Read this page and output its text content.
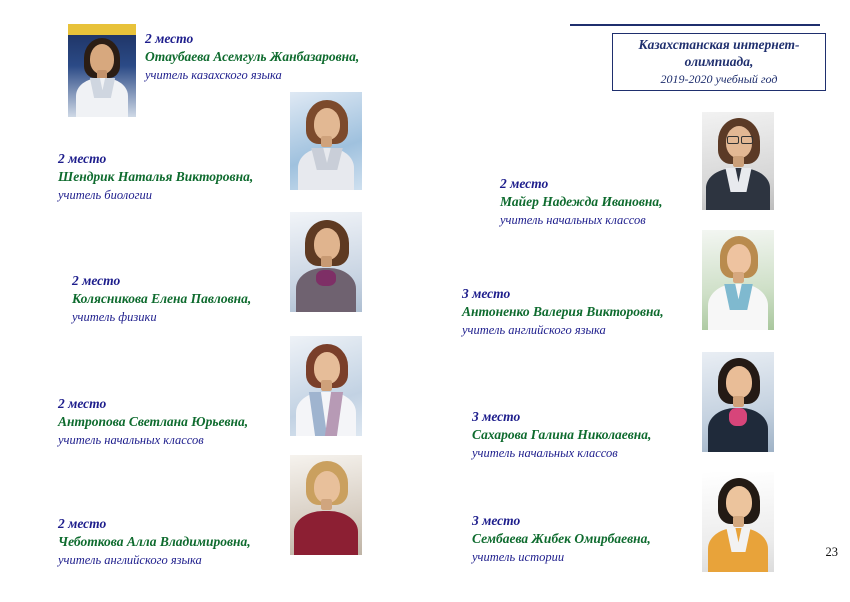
Казахстанская интернет- олимпиада,
2019-2020 учебный год
2 место
Отаубаева Асемгуль Жанбазаровна,
учитель казахского языка
2 место
Шендрик Наталья Викторовна,
учитель биологии
2 место
Колясникова Елена Павловна,
учитель физики
2 место
Антропова Светлана Юрьевна,
учитель начальных классов
2 место
Чеботкова Алла Владимировна,
учитель английского языка
2 место
Майер Надежда Ивановна,
учитель начальных классов
3 место
Антоненко Валерия Викторовна,
учитель английского языка
3 место
Сахарова Галина Николаевна,
учитель начальных классов
3 место
Сембаева Жибек Омирбаевна,
учитель истории	23
